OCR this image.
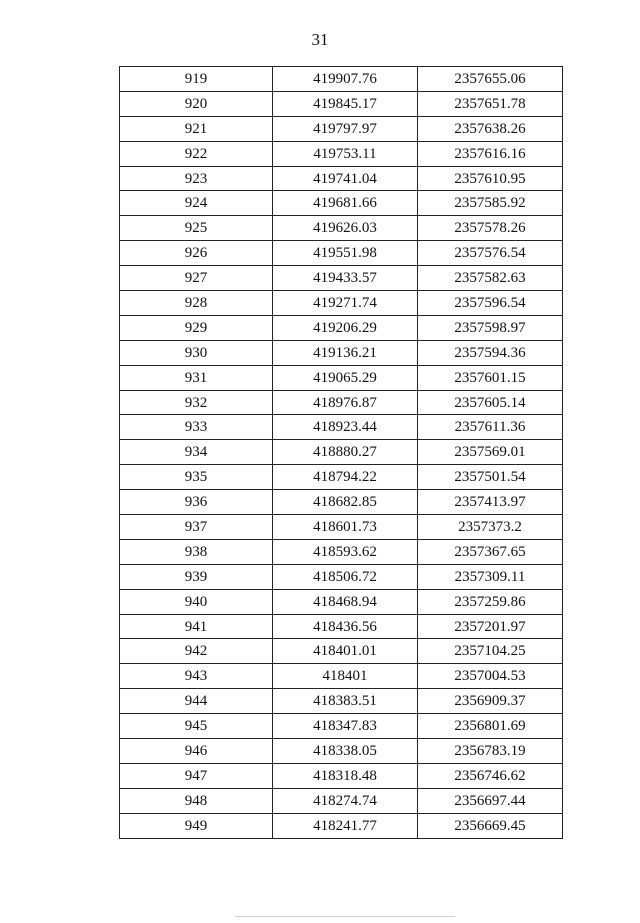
31
919	419907.76	2357655.06
920	419845.17	2357651.78
921	419797.97	2357638.26
922	419753.11	2357616.16
923	419741.04	2357610.95
924	419681.66	2357585.92
925	419626.03	2357578.26
926	419551.98	2357576.54
927	419433.57	2357582.63
928	419271.74	2357596.54
929	419206.29	2357598.97
930	419136.21	2357594.36
931	419065.29	2357601.15
932	418976.87	2357605.14
933	418923.44	2357611.36
934	418880.27	2357569.01
935	418794.22	2357501.54
936	418682.85	2357413.97
937	418601.73	2357373.2
938	418593.62	2357367.65
939	418506.72	2357309.11
940	418468.94	2357259.86
941	418436.56	2357201.97
942	418401.01	2357104.25
943	418401	2357004.53
944	418383.51	2356909.37
945	418347.83	2356801.69
946	418338.05	2356783.19
947	418318.48	2356746.62
948	418274.74	2356697.44
949	418241.77	2356669.45
